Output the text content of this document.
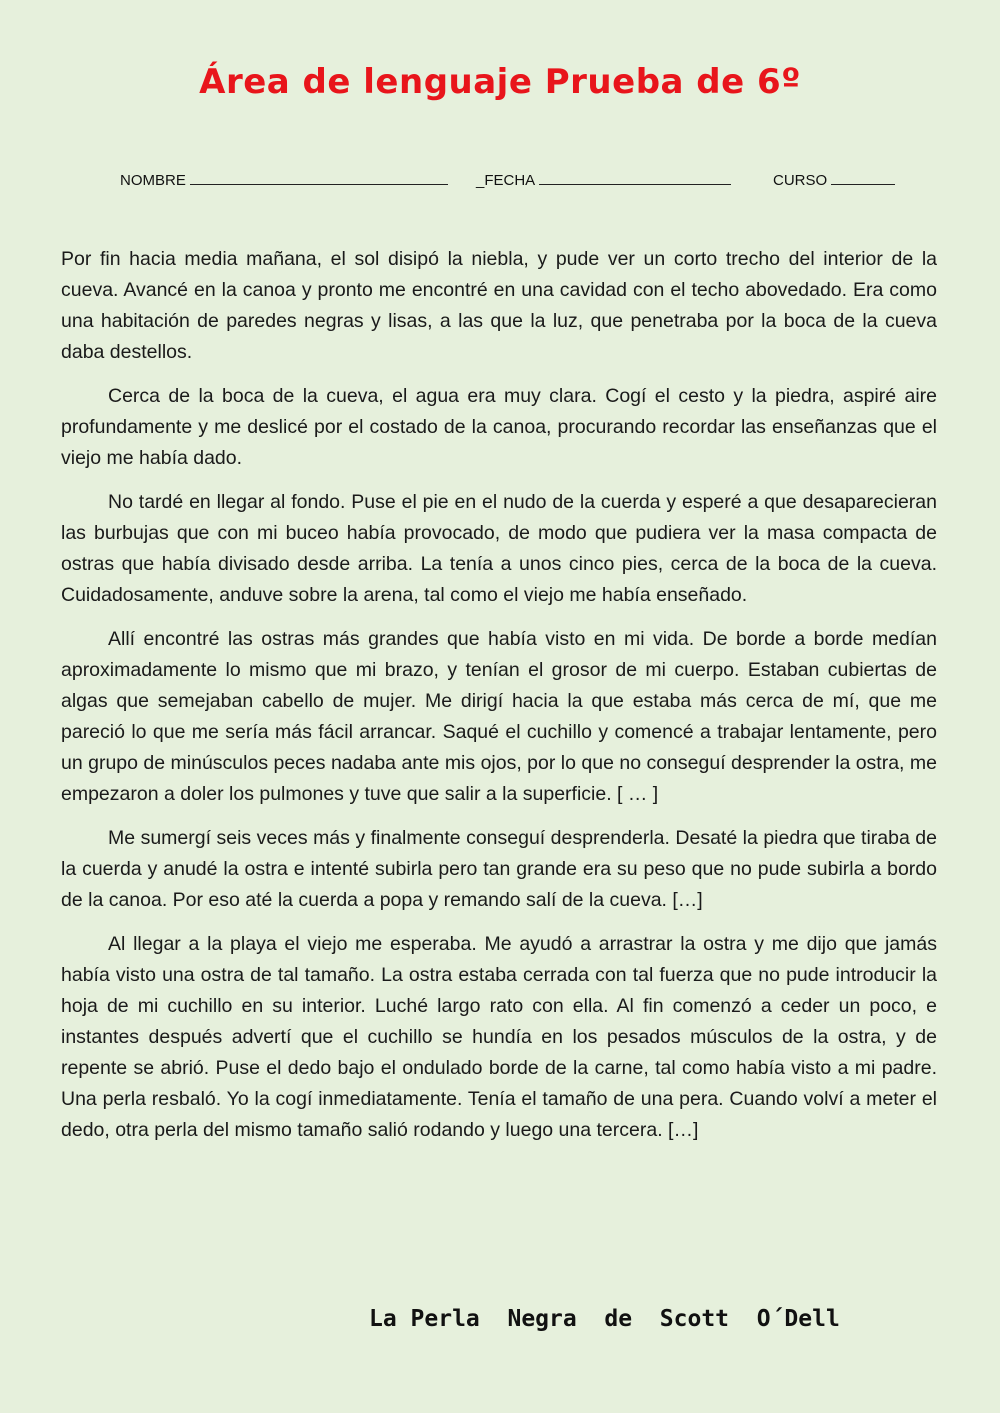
Área de lenguaje Prueba de 6º
NOMBRE	_FECHA	CURSO

Por fin hacia media mañana, el sol disipó la niebla, y pude ver un corto trecho del interior de la cueva. Avancé en la canoa y pronto me encontré en una cavidad con el techo abovedado. Era como una habitación de paredes negras y lisas, a las que la luz, que penetraba por la boca de la cueva daba destellos.

Cerca de la boca de la cueva, el agua era muy clara. Cogí el cesto y la piedra, aspiré aire profundamente y me deslicé por el costado de la canoa, procurando recordar las enseñanzas que el viejo me había dado.

No tardé en llegar al fondo. Puse el pie en el nudo de la cuerda y esperé a que desaparecieran las burbujas que con mi buceo había provocado, de modo que pudiera ver la masa compacta de ostras que había divisado desde arriba. La tenía a unos cinco pies, cerca de la boca de la cueva. Cuidadosamente, anduve sobre la arena, tal como el viejo me había enseñado.

Allí encontré las ostras más grandes que había visto en mi vida. De borde a borde medían aproximadamente lo mismo que mi brazo, y tenían el grosor de mi cuerpo. Estaban cubiertas de algas que semejaban cabello de mujer. Me dirigí hacia la que estaba más cerca de mí, que me pareció lo que me sería más fácil arrancar. Saqué el cuchillo y comencé a trabajar lentamente, pero un grupo de minúsculos peces nadaba ante mis ojos, por lo que no conseguí desprender la ostra, me empezaron a doler los pulmones y tuve que salir a la superficie. [ … ]

Me sumergí seis veces más y finalmente conseguí desprenderla. Desaté la piedra que tiraba de la cuerda y anudé la ostra e intenté subirla pero tan grande era su peso que no pude subirla a bordo de la canoa. Por eso até la cuerda a popa y remando salí de la cueva. […]

Al llegar a la playa el viejo me esperaba. Me ayudó a arrastrar la ostra y me dijo que jamás había visto una ostra de tal tamaño. La ostra estaba cerrada con tal fuerza que no pude introducir la hoja de mi cuchillo en su interior. Luché largo rato con ella. Al fin comenzó a ceder un poco, e instantes después advertí que el cuchillo se hundía en los pesados músculos de la ostra, y de repente se abrió. Puse el dedo bajo el ondulado borde de la carne, tal como había visto a mi padre. Una perla resbaló. Yo la cogí inmediatamente. Tenía el tamaño de una pera. Cuando volví a meter el dedo, otra perla del mismo tamaño salió rodando y luego una tercera. […]

La Perla  Negra  de  Scott  O´Dell
